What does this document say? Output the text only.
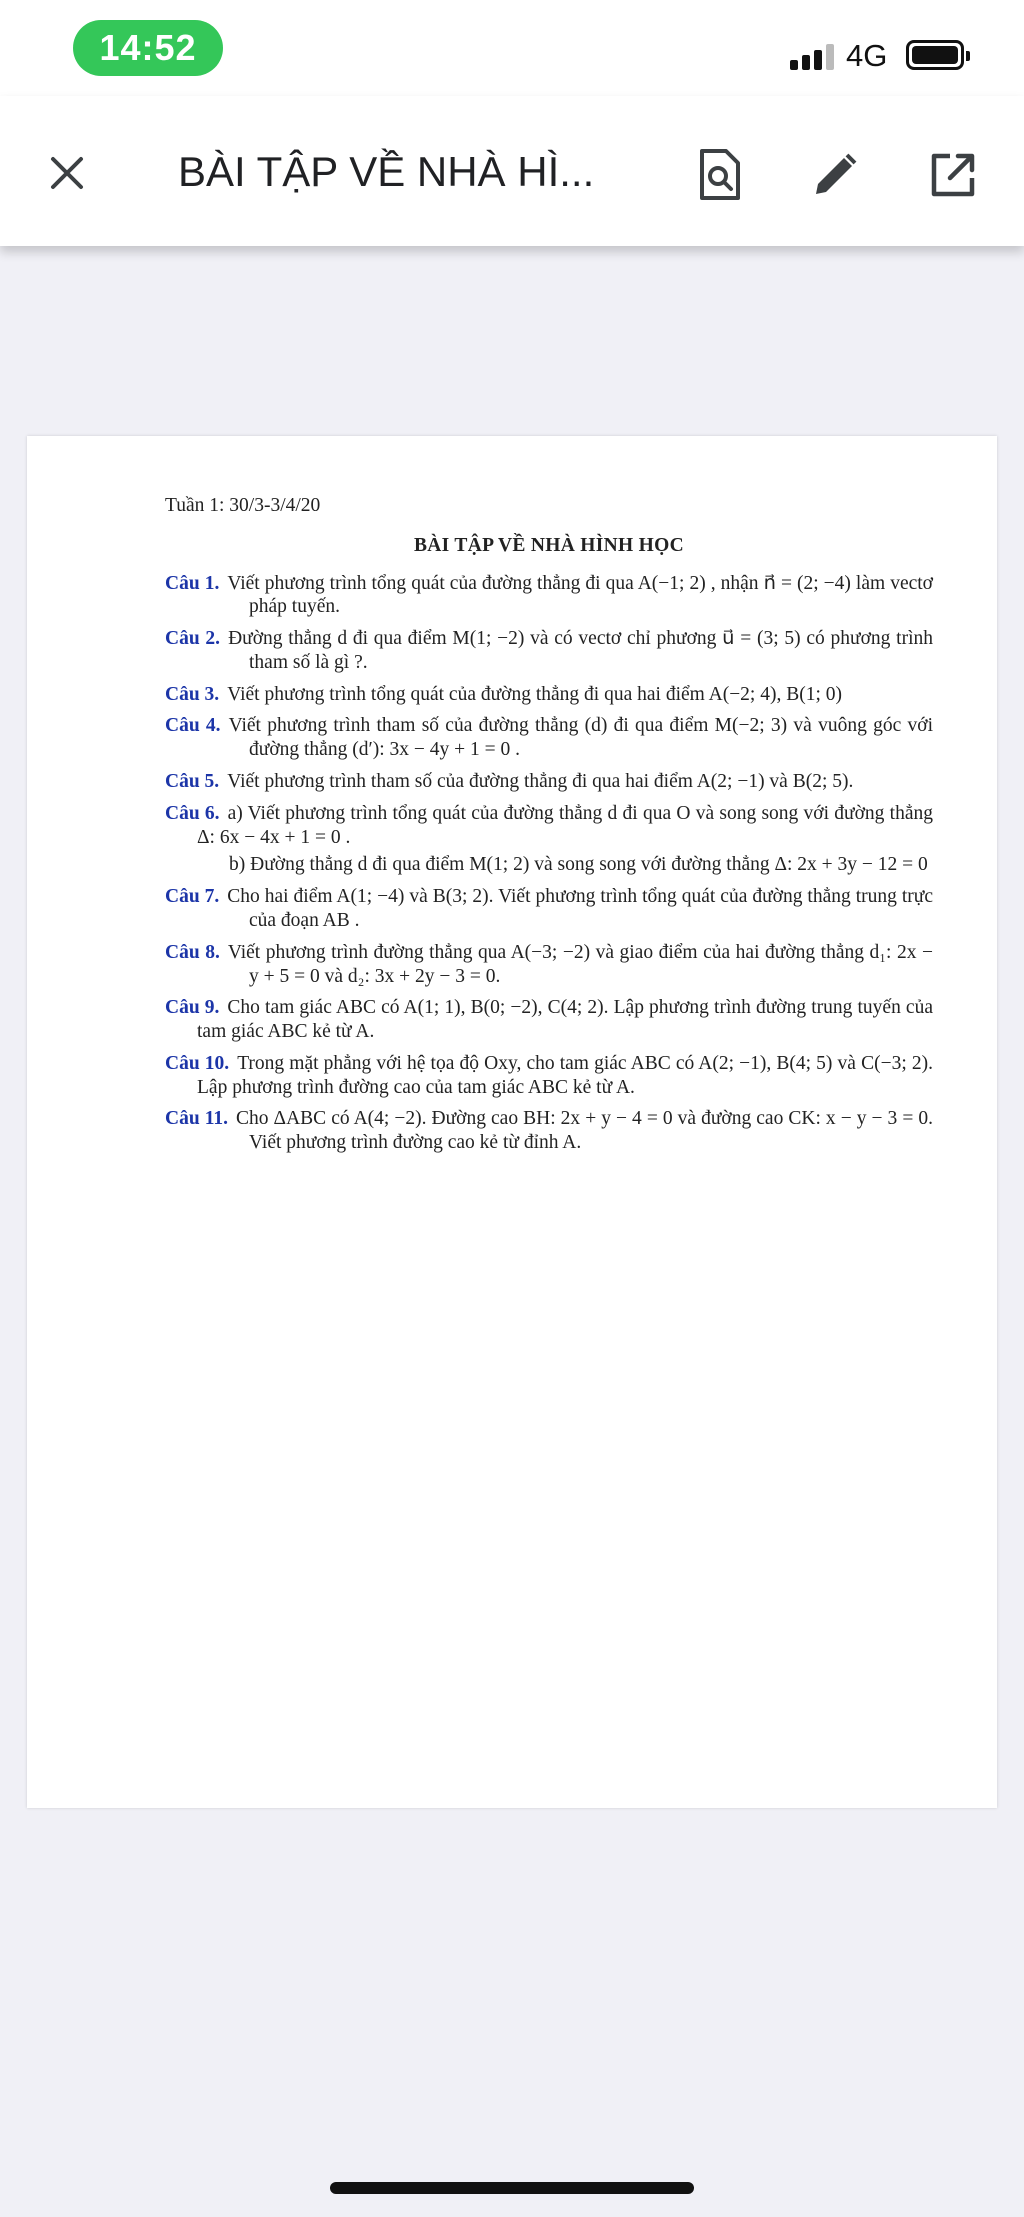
14:52	4G
BÀI TẬP VỀ NHÀ HÌ...
Tuần 1: 30/3-3/4/20
BÀI TẬP VỀ NHÀ HÌNH HỌC
Câu 1. Viết phương trình tổng quát của đường thẳng đi qua A(−1; 2) , nhận n⃗ = (2; −4) làm vectơ pháp tuyến.
Câu 2. Đường thẳng d đi qua điểm M(1; −2) và có vectơ chỉ phương u⃗ = (3; 5) có phương trình tham số là gì ?.
Câu 3. Viết phương trình tổng quát của đường thẳng đi qua hai điểm A(−2; 4), B(1; 0)
Câu 4. Viết phương trình tham số của đường thẳng (d) đi qua điểm M(−2; 3) và vuông góc với đường thẳng (d′): 3x − 4y + 1 = 0 .
Câu 5. Viết phương trình tham số của đường thẳng đi qua hai điểm A(2; −1) và B(2; 5).
Câu 6. a) Viết phương trình tổng quát của đường thẳng d đi qua O và song song với đường thẳng Δ: 6x − 4x + 1 = 0 .
b) Đường thẳng d đi qua điểm M(1; 2) và song song với đường thẳng Δ: 2x + 3y − 12 = 0
Câu 7. Cho hai điểm A(1; −4) và B(3; 2). Viết phương trình tổng quát của đường thẳng trung trực của đoạn AB .
Câu 8. Viết phương trình đường thẳng qua A(−3; −2) và giao điểm của hai đường thẳng d₁: 2x − y + 5 = 0 và d₂: 3x + 2y − 3 = 0.
Câu 9. Cho tam giác ABC có A(1; 1), B(0; −2), C(4; 2). Lập phương trình đường trung tuyến của tam giác ABC kẻ từ A.
Câu 10. Trong mặt phẳng với hệ tọa độ Oxy, cho tam giác ABC có A(2; −1), B(4; 5) và C(−3; 2). Lập phương trình đường cao của tam giác ABC kẻ từ A.
Câu 11. Cho ΔABC có A(4; −2). Đường cao BH: 2x + y − 4 = 0 và đường cao CK: x − y − 3 = 0. Viết phương trình đường cao kẻ từ đỉnh A.
